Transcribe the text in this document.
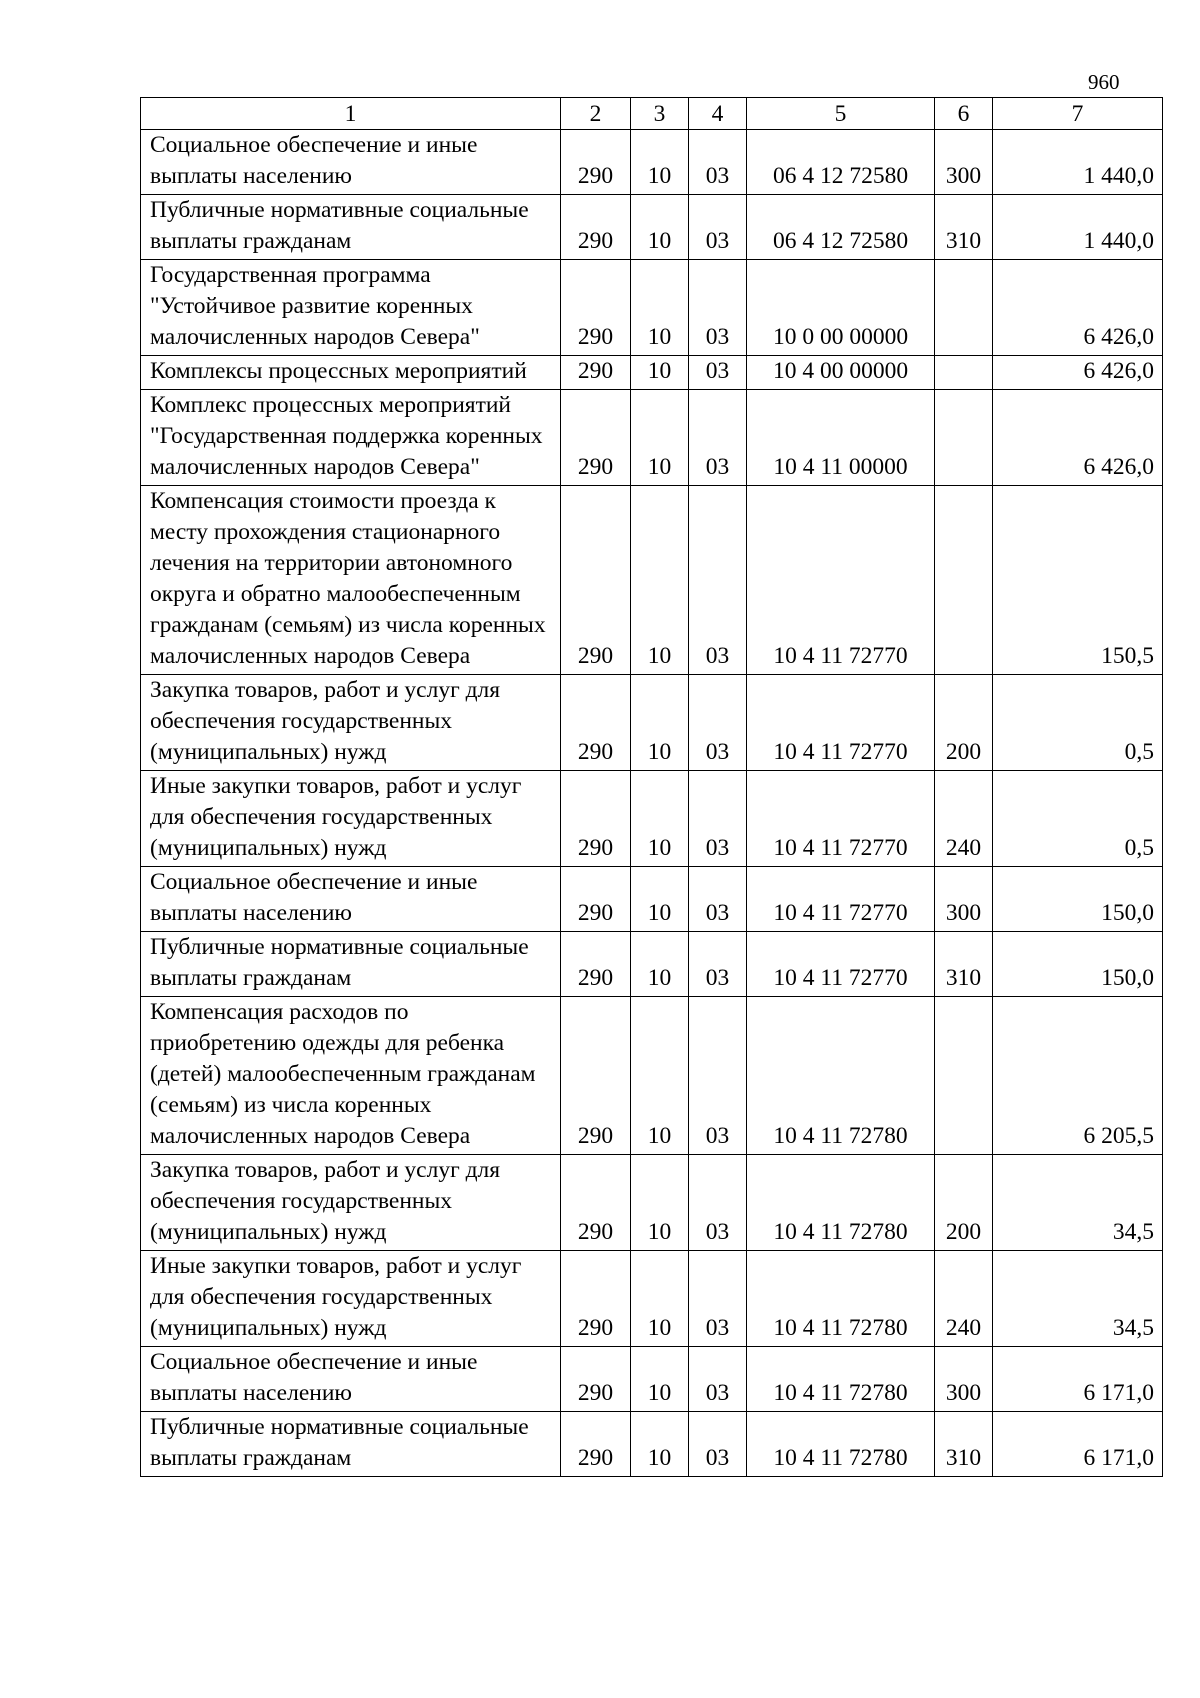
960
1	2	3	4	5	6	7
Социальное обеспечение и иные выплаты населению	290	10	03	06 4 12 72580	300	1 440,0
Публичные нормативные социальные выплаты гражданам	290	10	03	06 4 12 72580	310	1 440,0
Государственная программа "Устойчивое развитие коренных малочисленных народов Севера"	290	10	03	10 0 00 00000		6 426,0
Комплексы процессных мероприятий	290	10	03	10 4 00 00000		6 426,0
Комплекс процессных мероприятий "Государственная поддержка коренных малочисленных народов Севера"	290	10	03	10 4 11 00000		6 426,0
Компенсация стоимости проезда к месту прохождения стационарного лечения на территории автономного округа и обратно малообеспеченным гражданам (семьям) из числа коренных малочисленных народов Севера	290	10	03	10 4 11 72770		150,5
Закупка товаров, работ и услуг для обеспечения государственных (муниципальных) нужд	290	10	03	10 4 11 72770	200	0,5
Иные закупки товаров, работ и услуг для обеспечения государственных (муниципальных) нужд	290	10	03	10 4 11 72770	240	0,5
Социальное обеспечение и иные выплаты населению	290	10	03	10 4 11 72770	300	150,0
Публичные нормативные социальные выплаты гражданам	290	10	03	10 4 11 72770	310	150,0
Компенсация расходов по приобретению одежды для ребенка (детей) малообеспеченным гражданам (семьям) из числа коренных малочисленных народов Севера	290	10	03	10 4 11 72780		6 205,5
Закупка товаров, работ и услуг для обеспечения государственных (муниципальных) нужд	290	10	03	10 4 11 72780	200	34,5
Иные закупки товаров, работ и услуг для обеспечения государственных (муниципальных) нужд	290	10	03	10 4 11 72780	240	34,5
Социальное обеспечение и иные выплаты населению	290	10	03	10 4 11 72780	300	6 171,0
Публичные нормативные социальные выплаты гражданам	290	10	03	10 4 11 72780	310	6 171,0
